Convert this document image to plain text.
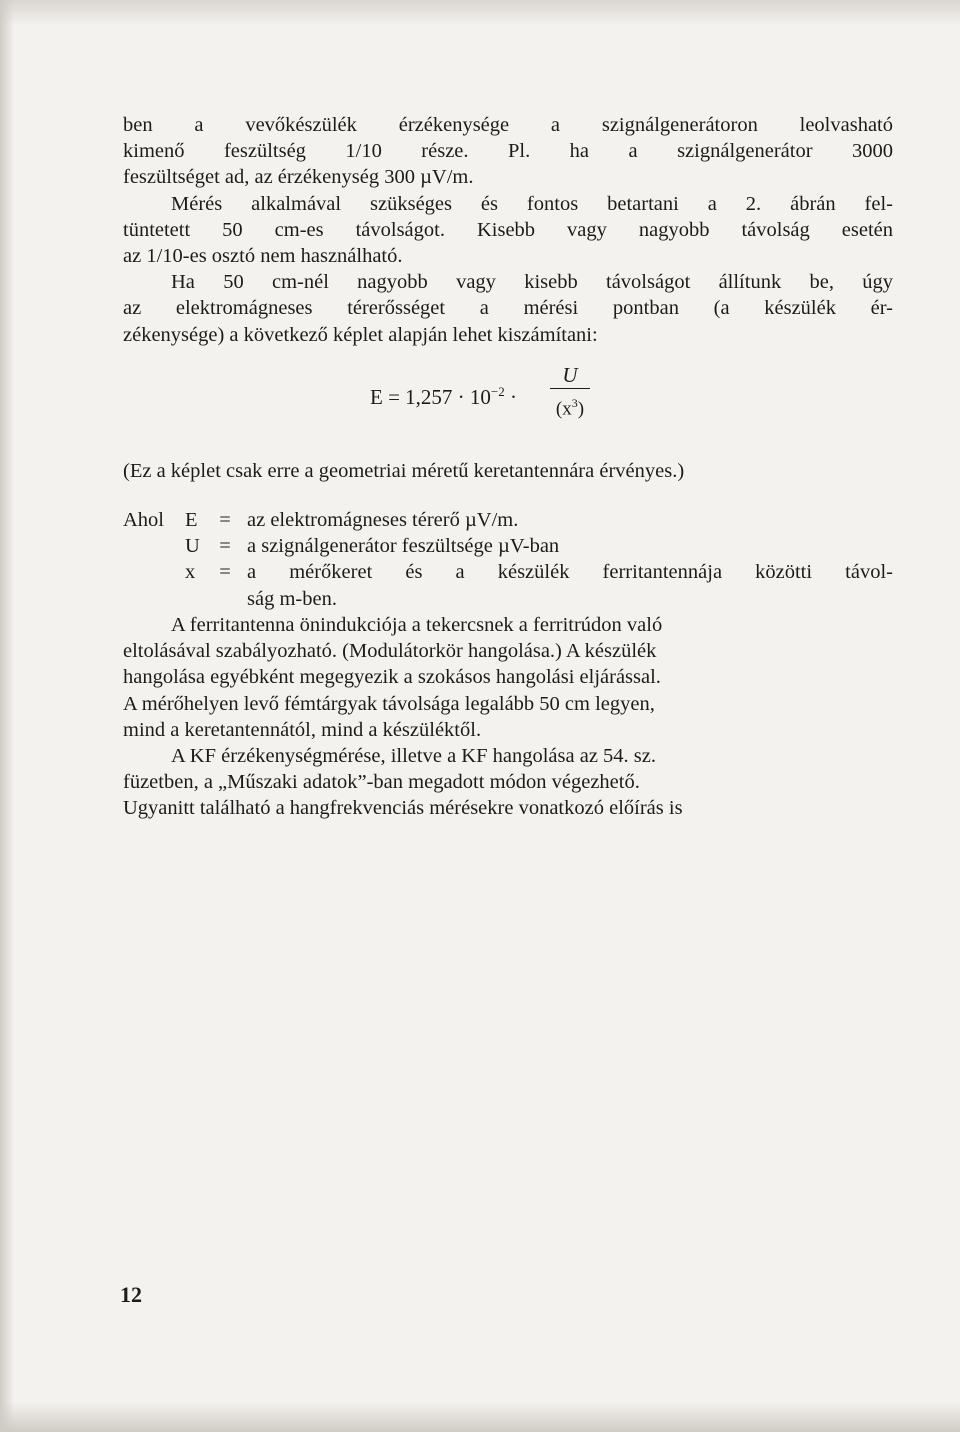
ben a vevőkészülék érzékenysége a szignálgenerátoron leolvasható

kimenő feszültség 1/10 része. Pl. ha a szignálgenerátor 3000

feszültséget ad, az érzékenység 300 µV/m.

Mérés alkalmával szükséges és fontos betartani a 2. ábrán fel-

tüntetett 50 cm-es távolságot. Kisebb vagy nagyobb távolság esetén

az 1/10-es osztó nem használható.

Ha 50 cm-nél nagyobb vagy kisebb távolságot állítunk be, úgy

az elektromágneses térerősséget a mérési pontban (a készülék ér-

zékenysége) a következő képlet alapján lehet kiszámítani:

$E = 1,257 \cdot 10^{-2} \cdot \frac{U}{(x^3)}$
(Ez a képlet csak erre a geometriai méretű keretantennára érvényes.)
Ahol	E	= az elektromágneses térerő µV/m.
U = a szignálgenerátor feszültsége µV-ban
x	= a mérőkeret és a készülék ferritantennája közötti távol-
ság m-ben.

A ferritantenna önindukciója a tekercsnek a ferritrúdon való

eltolásával szabályozható. (Modulátorkör hangolása.) A készülék

hangolása egyébként megegyezik a szokásos hangolási eljárással.

A mérőhelyen levő fémtárgyak távolsága legalább 50 cm legyen,

mind a keretantennától, mind a készüléktől.

A KF érzékenységmérése, illetve a KF hangolása az 54. sz.

füzetben, a „Műszaki adatok”-ban megadott módon végezhető.

Ugyanitt található a hangfrekvenciás mérésekre vonatkozó előírás is

12
